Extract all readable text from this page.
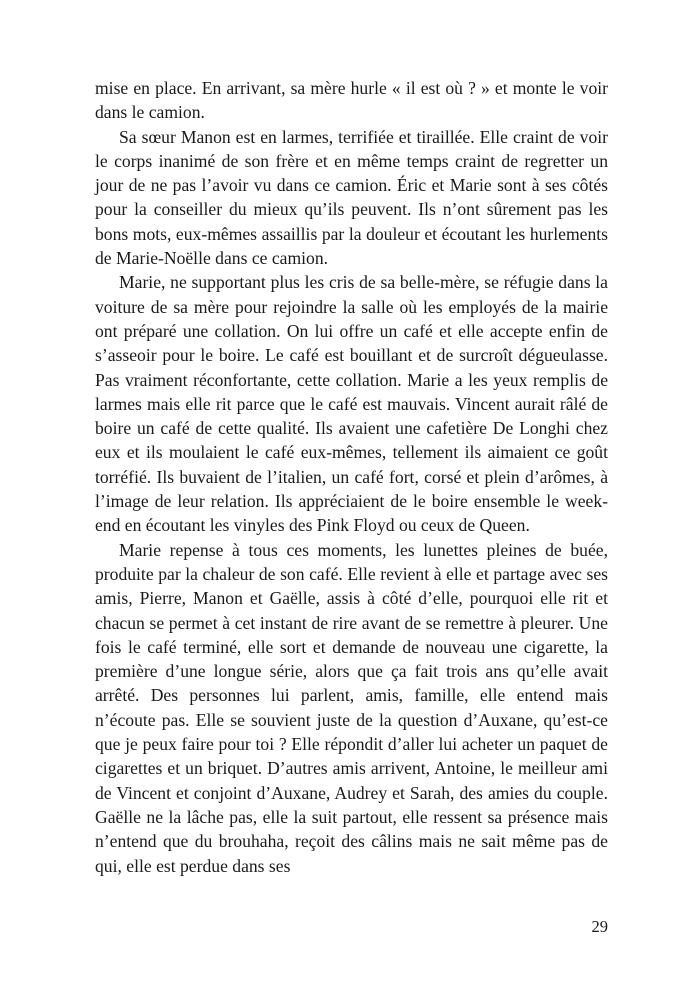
mise en place. En arrivant, sa mère hurle « il est où ? » et monte le voir dans le camion.

Sa sœur Manon est en larmes, terrifiée et tiraillée. Elle craint de voir le corps inanimé de son frère et en même temps craint de regretter un jour de ne pas l’avoir vu dans ce camion. Éric et Marie sont à ses côtés pour la conseiller du mieux qu’ils peuvent. Ils n’ont sûrement pas les bons mots, eux-mêmes assaillis par la douleur et écoutant les hurlements de Marie-Noëlle dans ce camion.

Marie, ne supportant plus les cris de sa belle-mère, se réfugie dans la voiture de sa mère pour rejoindre la salle où les employés de la mairie ont préparé une collation. On lui offre un café et elle accepte enfin de s’asseoir pour le boire. Le café est bouillant et de surcroît dégueulasse. Pas vraiment réconfortante, cette collation. Marie a les yeux remplis de larmes mais elle rit parce que le café est mauvais. Vincent aurait râlé de boire un café de cette qualité. Ils avaient une cafetière De Longhi chez eux et ils moulaient le café eux-mêmes, tellement ils aimaient ce goût torréfié. Ils buvaient de l’italien, un café fort, corsé et plein d’arômes, à l’image de leur relation. Ils appréciaient de le boire ensemble le week-end en écoutant les vinyles des Pink Floyd ou ceux de Queen.

Marie repense à tous ces moments, les lunettes pleines de buée, produite par la chaleur de son café. Elle revient à elle et partage avec ses amis, Pierre, Manon et Gaëlle, assis à côté d’elle, pourquoi elle rit et chacun se permet à cet instant de rire avant de se remettre à pleurer. Une fois le café terminé, elle sort et demande de nouveau une cigarette, la première d’une longue série, alors que ça fait trois ans qu’elle avait arrêté. Des personnes lui parlent, amis, famille, elle entend mais n’écoute pas. Elle se souvient juste de la question d’Auxane, qu’est-ce que je peux faire pour toi ? Elle répondit d’aller lui acheter un paquet de cigarettes et un briquet. D’autres amis arrivent, Antoine, le meilleur ami de Vincent et conjoint d’Auxane, Audrey et Sarah, des amies du couple. Gaëlle ne la lâche pas, elle la suit partout, elle ressent sa présence mais n’entend que du brouhaha, reçoit des câlins mais ne sait même pas de qui, elle est perdue dans ses

29
